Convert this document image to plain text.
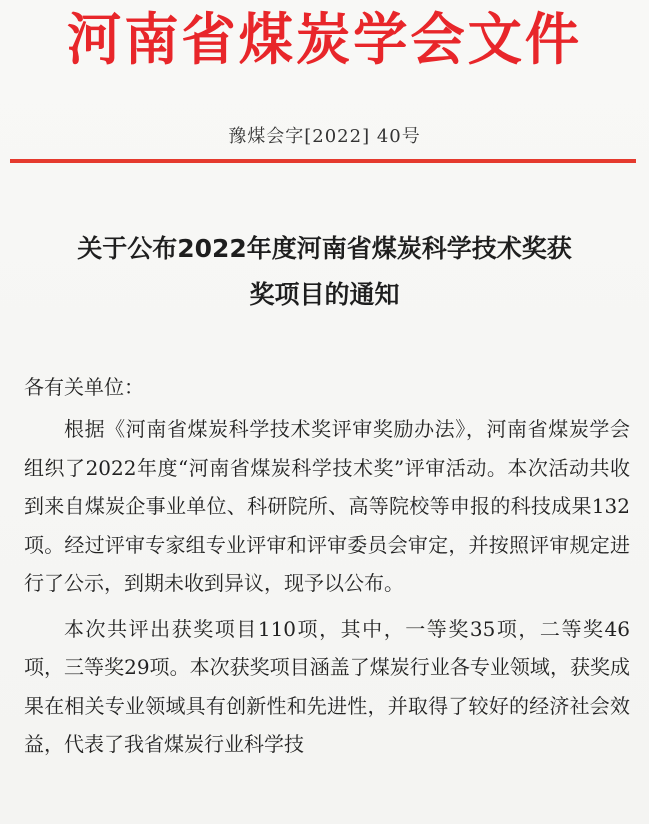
河南省煤炭学会文件
豫煤会字[2022] 40号
关于公布2022年度河南省煤炭科学技术奖获
奖项目的通知
各有关单位：

根据《河南省煤炭科学技术奖评审奖励办法》，河南省煤炭学会组织了2022年度“河南省煤炭科学技术奖”评审活动。本次活动共收到来自煤炭企事业单位、科研院所、高等院校等申报的科技成果132项。经过评审专家组专业评审和评审委员会审定，并按照评审规定进行了公示，到期未收到异议，现予以公布。

本次共评出获奖项目110项，其中，一等奖35项，二等奖46项，三等奖29项。本次获奖项目涵盖了煤炭行业各专业领域，获奖成果在相关专业领域具有创新性和先进性，并取得了较好的经济社会效益，代表了我省煤炭行业科学技
